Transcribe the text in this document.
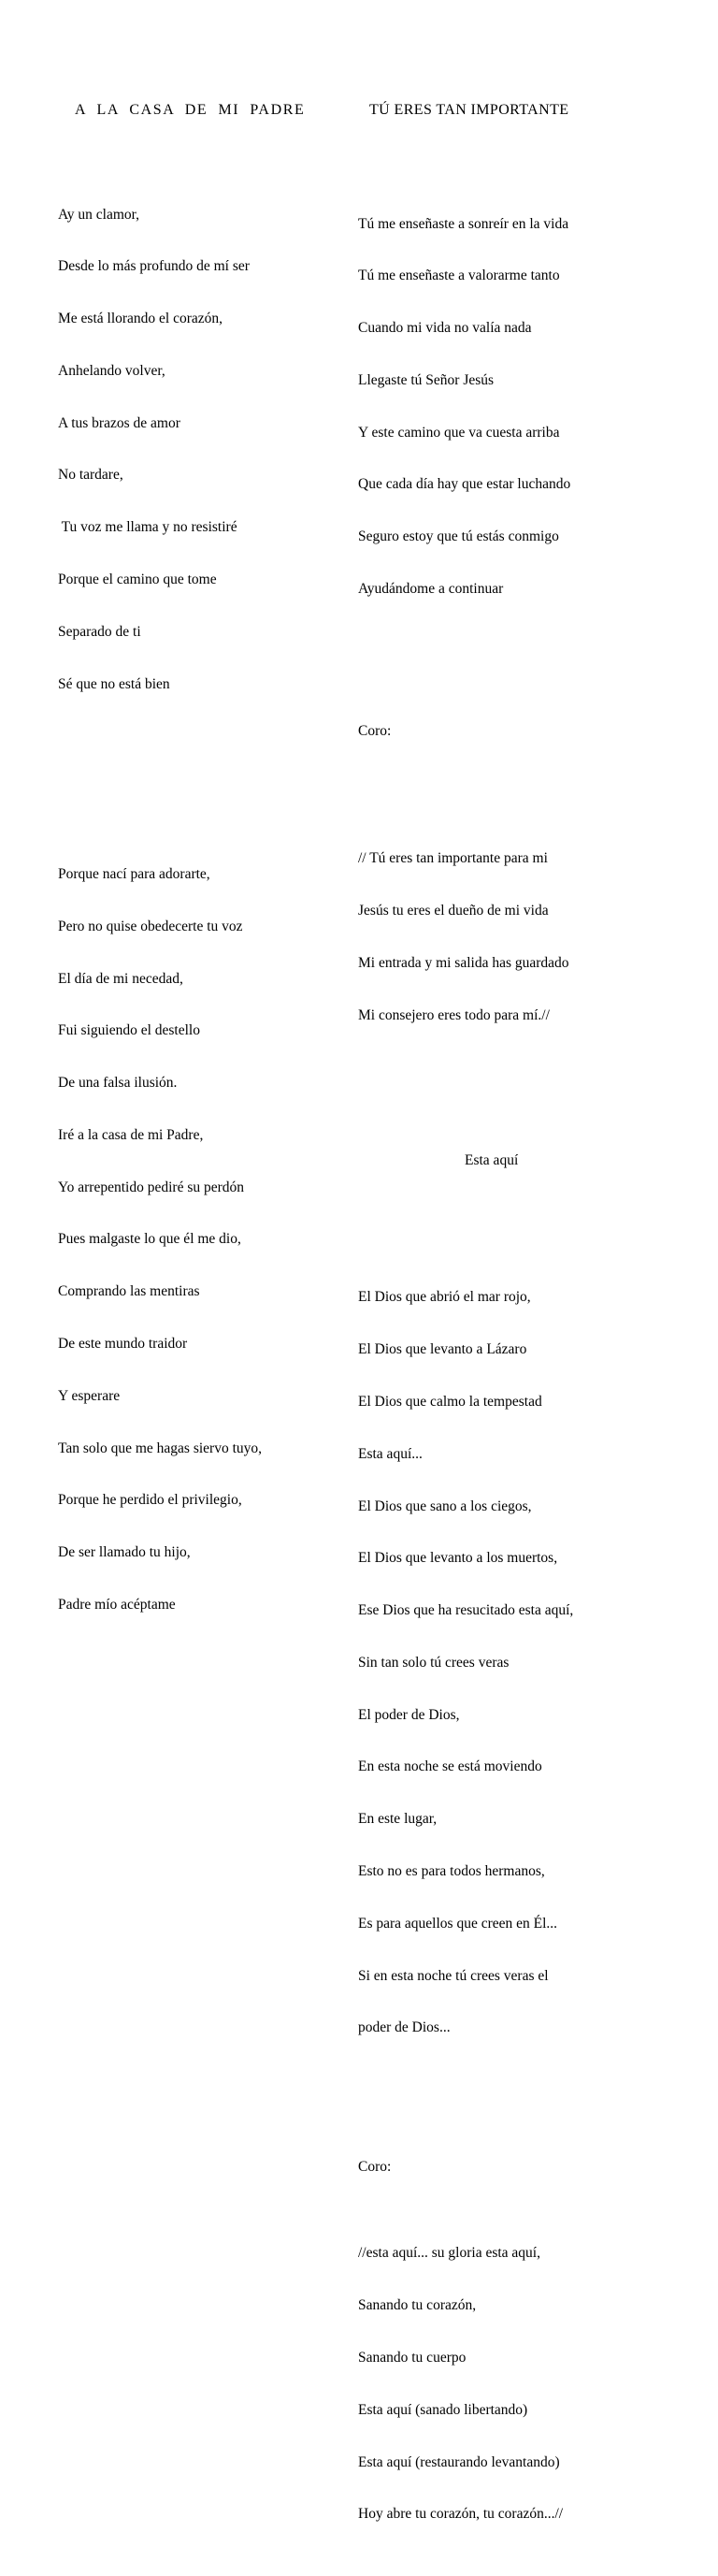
A  LA  CASA  DE  MI  PADRE

Ay un clamor,

Desde lo más profundo de mí ser

Me está llorando el corazón,

Anhelando volver,

A tus brazos de amor

No tardare,

Tu voz me llama y no resistiré

Porque el camino que tome

Separado de ti

Sé que no está bien

Porque nací para adorarte,

Pero no quise obedecerte tu voz

El día de mi necedad,

Fui siguiendo el destello

De una falsa ilusión.

Iré a la casa de mi Padre,

Yo arrepentido pediré su perdón

Pues malgaste lo que él me dio,

Comprando las mentiras

De este mundo traidor

Y esperare

Tan solo que me hagas siervo tuyo,

Porque he perdido el privilegio,

De ser llamado tu hijo,

Padre mío acéptame

TÚ ERES TAN IMPORTANTE

Tú me enseñaste a sonreír en la vida

Tú me enseñaste a valorarme tanto

Cuando mi vida no valía nada

Llegaste tú Señor Jesús

Y este camino que va cuesta arriba

Que cada día hay que estar luchando

Seguro estoy que tú estás conmigo

Ayudándome a continuar

Coro:

// Tú eres tan importante para mi

Jesús tu eres el dueño de mi vida

Mi entrada y mi salida has guardado

Mi consejero eres todo para mí.//

Esta aquí

El Dios que abrió el mar rojo,

El Dios que levanto a Lázaro

El Dios que calmo la tempestad

Esta aquí...

El Dios que sano a los ciegos,

El Dios que levanto a los muertos,

Ese Dios que ha resucitado esta aquí,

Sin tan solo tú crees veras

El poder de Dios,

En esta noche se está moviendo

En este lugar,

Esto no es para todos hermanos,

Es para aquellos que creen en Él...

Si en esta noche tú crees veras el

poder de Dios...

Coro:

//esta aquí... su gloria esta aquí,

Sanando tu corazón,

Sanando tu cuerpo

Esta aquí (sanado libertando)

Esta aquí (restaurando levantando)

Hoy abre tu corazón, tu corazón...//
